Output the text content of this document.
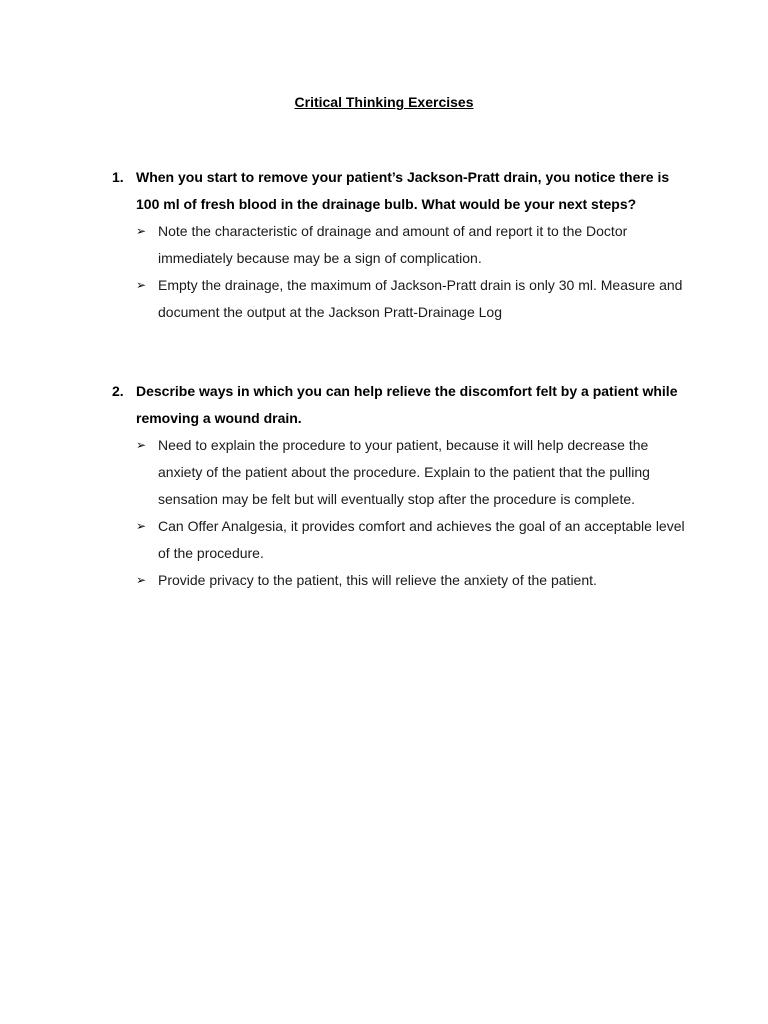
Critical Thinking Exercises
1. When you start to remove your patient’s Jackson-Pratt drain, you notice there is 100 ml of fresh blood in the drainage bulb. What would be your next steps?
➢ Note the characteristic of drainage and amount of and report it to the Doctor immediately because may be a sign of complication.
➢ Empty the drainage, the maximum of Jackson-Pratt drain is only 30 ml. Measure and document the output at the Jackson Pratt-Drainage Log
2. Describe ways in which you can help relieve the discomfort felt by a patient while removing a wound drain.
➢ Need to explain the procedure to your patient, because it will help decrease the anxiety of the patient about the procedure. Explain to the patient that the pulling sensation may be felt but will eventually stop after the procedure is complete.
➢ Can Offer Analgesia, it provides comfort and achieves the goal of an acceptable level of the procedure.
➢ Provide privacy to the patient, this will relieve the anxiety of the patient.
